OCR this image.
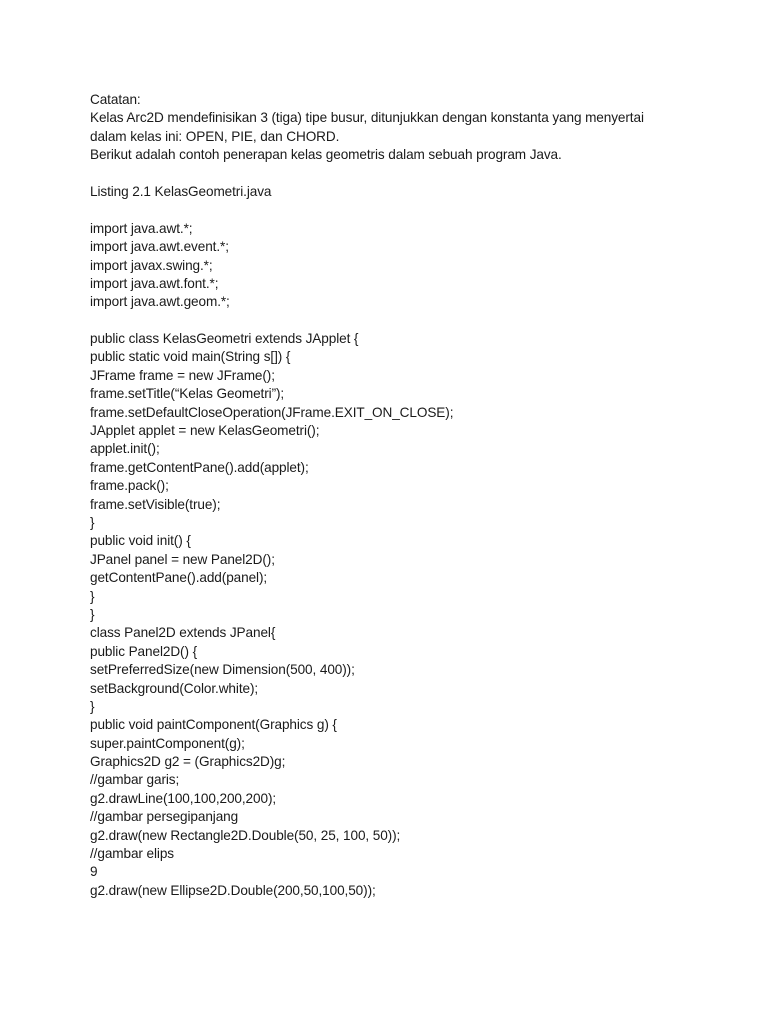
Catatan:
Kelas Arc2D mendefinisikan 3 (tiga) tipe busur, ditunjukkan dengan konstanta yang menyertai
dalam kelas ini: OPEN, PIE, dan CHORD.
Berikut adalah contoh penerapan kelas geometris dalam sebuah program Java.
Listing 2.1 KelasGeometri.java
import java.awt.*;
import java.awt.event.*;
import javax.swing.*;
import java.awt.font.*;
import java.awt.geom.*;
public class KelasGeometri extends JApplet {
public static void main(String s[]) {
JFrame frame = new JFrame();
frame.setTitle(“Kelas Geometri”);
frame.setDefaultCloseOperation(JFrame.EXIT_ON_CLOSE);
JApplet applet = new KelasGeometri();
applet.init();
frame.getContentPane().add(applet);
frame.pack();
frame.setVisible(true);
}
public void init() {
JPanel panel = new Panel2D();
getContentPane().add(panel);
}
}
class Panel2D extends JPanel{
public Panel2D() {
setPreferredSize(new Dimension(500, 400));
setBackground(Color.white);
}
public void paintComponent(Graphics g) {
super.paintComponent(g);
Graphics2D g2 = (Graphics2D)g;
//gambar garis;
g2.drawLine(100,100,200,200);
//gambar persegipanjang
g2.draw(new Rectangle2D.Double(50, 25, 100, 50));
//gambar elips
9
g2.draw(new Ellipse2D.Double(200,50,100,50));
